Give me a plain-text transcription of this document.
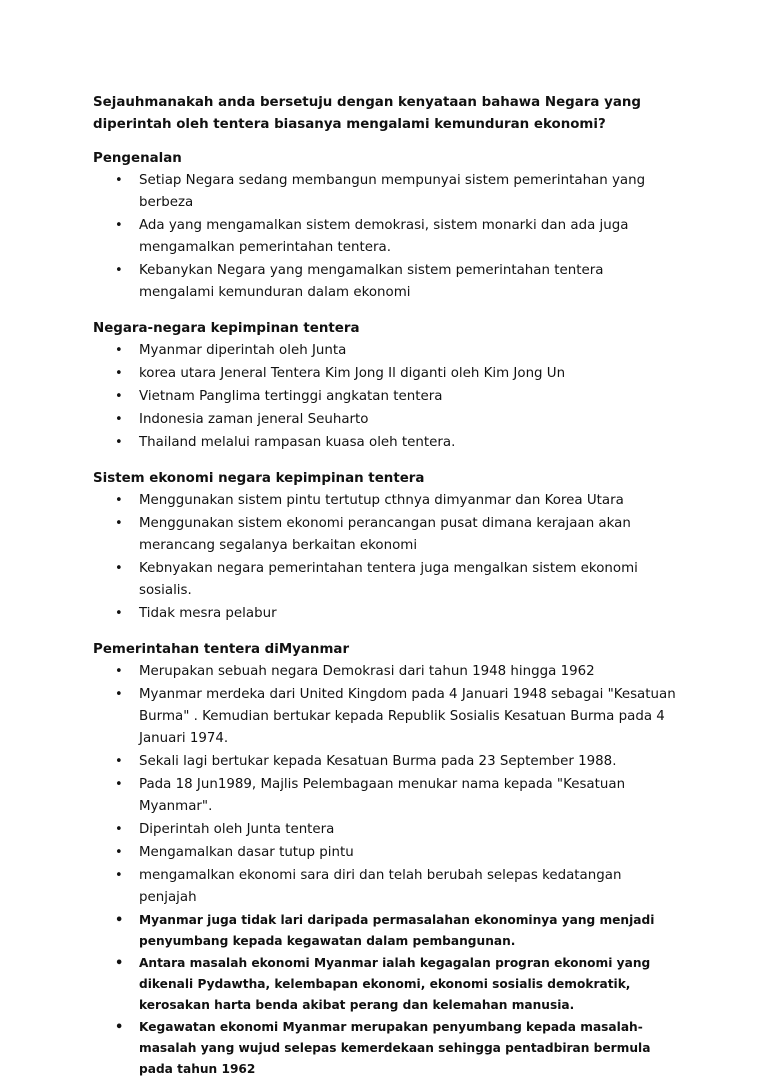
Sejauhmanakah anda bersetuju dengan kenyataan bahawa Negara yang diperintah oleh tentera biasanya mengalami kemunduran ekonomi?

Pengenalan

• Setiap Negara sedang membangun mempunyai sistem pemerintahan yang berbeza
• Ada yang mengamalkan sistem demokrasi, sistem monarki dan ada juga mengamalkan pemerintahan tentera.
• Kebanykan Negara yang mengamalkan sistem pemerintahan tentera mengalami kemunduran dalam ekonomi

Negara-negara kepimpinan tentera

• Myanmar diperintah oleh Junta
• korea utara Jeneral Tentera Kim Jong Il diganti oleh Kim Jong Un
• Vietnam Panglima tertinggi angkatan tentera
• Indonesia zaman jeneral Seuharto
• Thailand melalui rampasan kuasa oleh tentera.

Sistem ekonomi negara kepimpinan tentera

• Menggunakan sistem pintu tertutup cthnya dimyanmar dan Korea Utara
• Menggunakan sistem ekonomi perancangan pusat dimana kerajaan akan merancang segalanya berkaitan ekonomi
• Kebnyakan negara pemerintahan tentera juga mengalkan sistem ekonomi sosialis.
• Tidak mesra pelabur

Pemerintahan tentera diMyanmar

• Merupakan sebuah negara Demokrasi dari tahun 1948 hingga 1962
• Myanmar merdeka dari United Kingdom pada 4 Januari 1948 sebagai "Kesatuan Burma" . Kemudian bertukar kepada Republik Sosialis Kesatuan Burma pada 4 Januari 1974.
• Sekali lagi bertukar kepada Kesatuan Burma pada 23 September 1988.
• Pada 18 Jun1989, Majlis Pelembagaan menukar nama kepada "Kesatuan Myanmar".
• Diperintah oleh Junta tentera
• Mengamalkan dasar tutup pintu
• mengamalkan ekonomi sara diri dan telah berubah selepas kedatangan penjajah
• Myanmar juga tidak lari daripada permasalahan ekonominya yang menjadi penyumbang kepada kegawatan dalam pembangunan.
• Antara masalah ekonomi Myanmar ialah kegagalan progran ekonomi yang dikenali Pydawtha, kelembapan ekonomi, ekonomi sosialis demokratik, kerosakan harta benda akibat perang dan kelemahan manusia.
• Kegawatan ekonomi Myanmar merupakan penyumbang kepada masalah-masalah yang wujud selepas kemerdekaan sehingga pentadbiran bermula pada tahun 1962
